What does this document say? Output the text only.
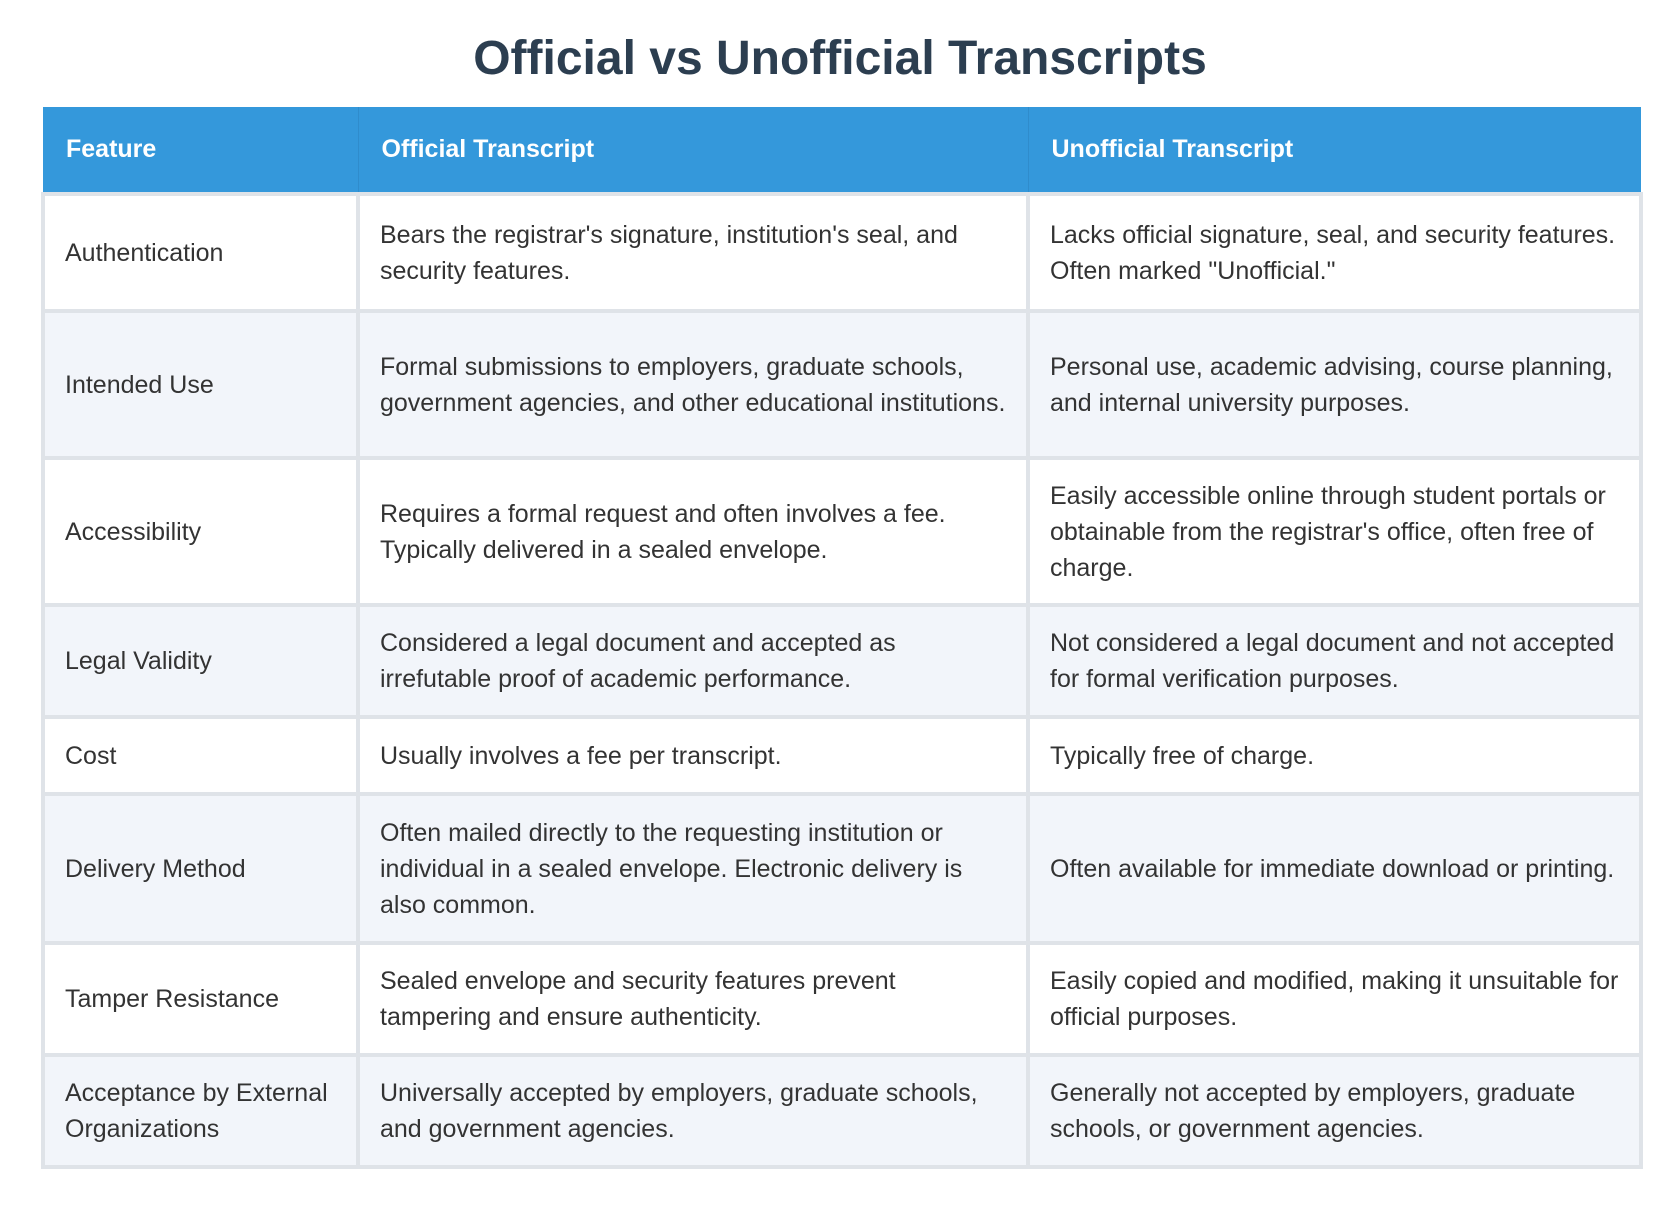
Official vs Unofficial Transcripts
Feature	Official Transcript	Unofficial Transcript
Authentication	Bears the registrar's signature, institution's seal, and security features.	Lacks official signature, seal, and security features. Often marked "Unofficial."
Intended Use	Formal submissions to employers, graduate schools, government agencies, and other educational institutions.	Personal use, academic advising, course planning, and internal university purposes.
Accessibility	Requires a formal request and often involves a fee. Typically delivered in a sealed envelope.	Easily accessible online through student portals or obtainable from the registrar's office, often free of charge.
Legal Validity	Considered a legal document and accepted as irrefutable proof of academic performance.	Not considered a legal document and not accepted for formal verification purposes.
Cost	Usually involves a fee per transcript.	Typically free of charge.
Delivery Method	Often mailed directly to the requesting institution or individual in a sealed envelope. Electronic delivery is also common.	Often available for immediate download or printing.
Tamper Resistance	Sealed envelope and security features prevent tampering and ensure authenticity.	Easily copied and modified, making it unsuitable for official purposes.
Acceptance by External Organizations	Universally accepted by employers, graduate schools, and government agencies.	Generally not accepted by employers, graduate schools, or government agencies.
